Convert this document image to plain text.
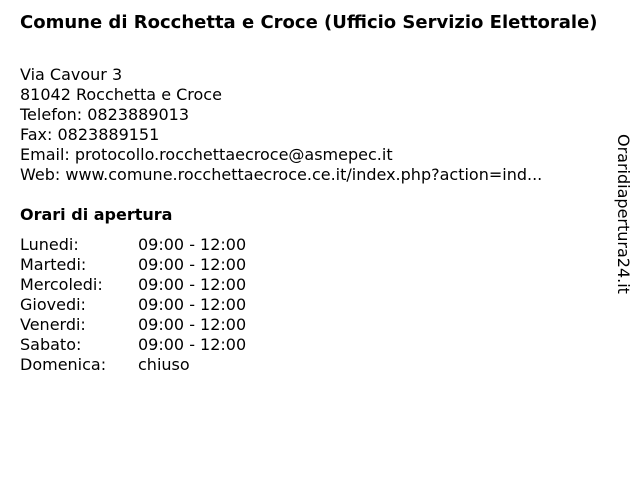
Comune di Rocchetta e Croce (Ufficio Servizio Elettorale)
Via Cavour 3
81042 Rocchetta e Croce
Telefon: 0823889013
Fax: 0823889151
Email: protocollo.rocchettaecroce@asmepec.it
Web: www.comune.rocchettaecroce.ce.it/index.php?action=ind...
Orari di apertura
Lunedi:	09:00 - 12:00
Martedi:	09:00 - 12:00
Mercoledi: 09:00 - 12:00
Giovedi:	09:00 - 12:00
Venerdi:	09:00 - 12:00
Sabato:	09:00 - 12:00
Domenica: chiuso
Oraridiapertura24.it
